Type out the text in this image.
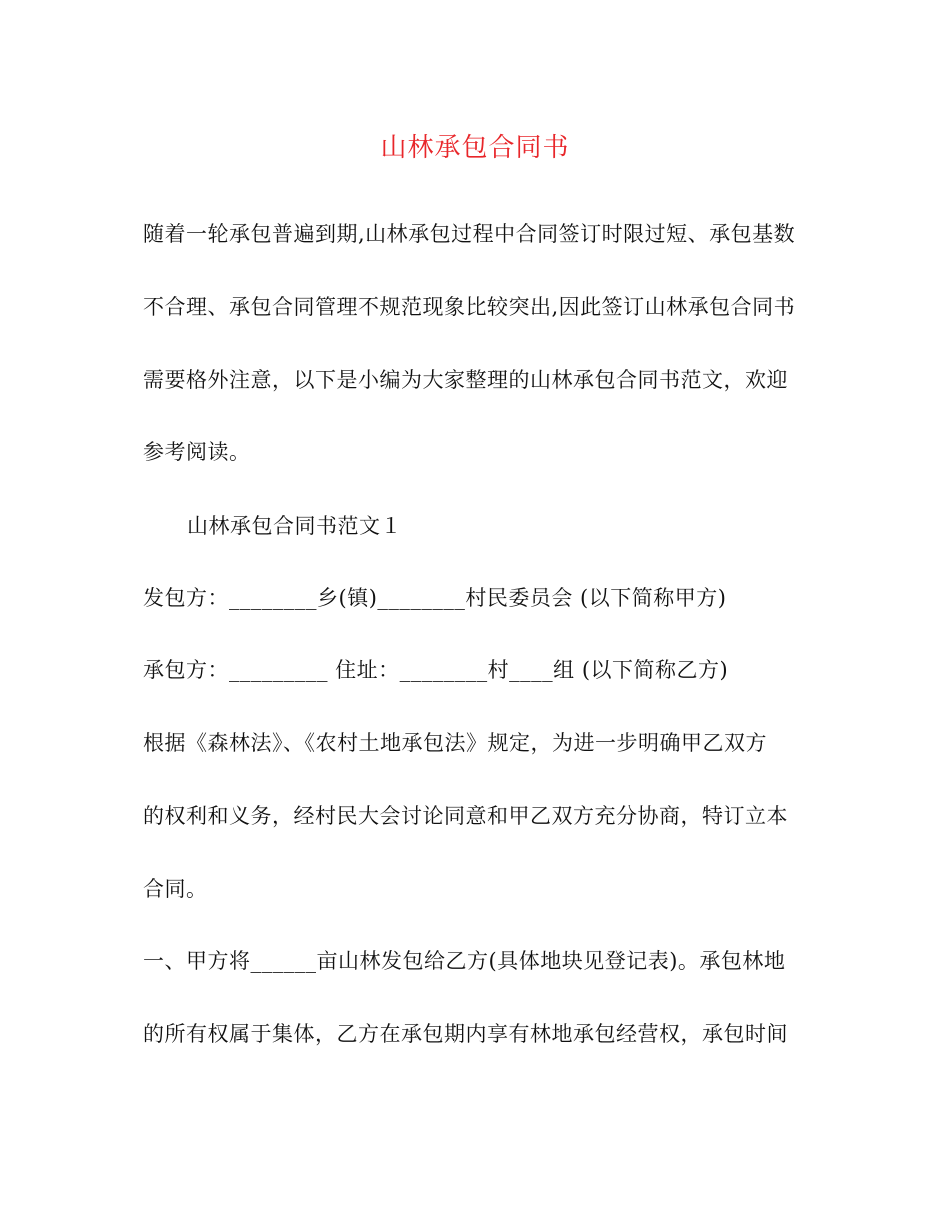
山林承包合同书
随着一轮承包普遍到期,山林承包过程中合同签订时限过短、承包基数
不合理、承包合同管理不规范现象比较突出,因此签订山林承包合同书
需要格外注意，以下是小编为大家整理的山林承包合同书范文，欢迎
参考阅读。
山林承包合同书范文１
发包方：________乡(镇)________村民委员会 (以下简称甲方)
承包方：_________ 住址：________村____组 (以下简称乙方)
根据《森林法》、《农村土地承包法》规定，为进一步明确甲乙双方
的权利和义务，经村民大会讨论同意和甲乙双方充分协商，特订立本
合同。
一、甲方将______亩山林发包给乙方(具体地块见登记表)。承包林地
的所有权属于集体，乙方在承包期内享有林地承包经营权，承包时间
